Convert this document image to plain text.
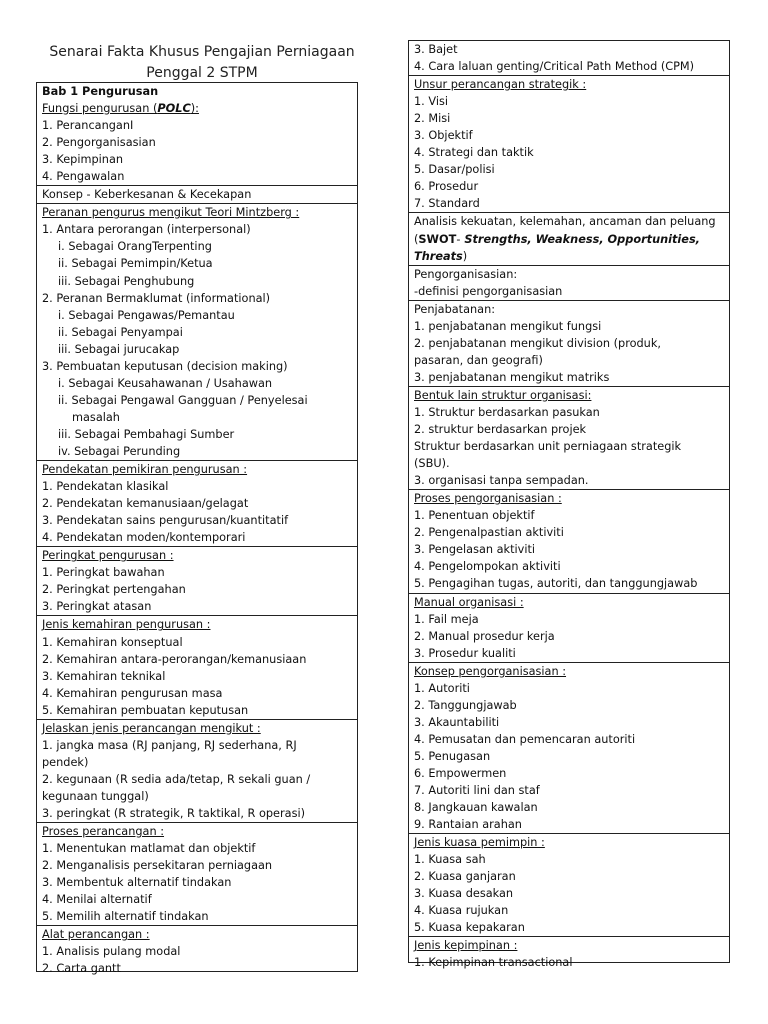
Senarai Fakta Khusus Pengajian Perniagaan
Penggal 2 STPM
Bab 1 Pengurusan
Fungsi pengurusan (POLC):
1. PerancanganI
2. Pengorganisasian
3. Kepimpinan
4. Pengawalan
Konsep - Keberkesanan & Kecekapan
Peranan pengurus mengikut Teori Mintzberg :
1. Antara perorangan (interpersonal)
i. Sebagai OrangTerpenting
ii. Sebagai Pemimpin/Ketua
iii. Sebagai Penghubung
2. Peranan Bermaklumat (informational)
i. Sebagai Pengawas/Pemantau
ii. Sebagai Penyampai
iii. Sebagai jurucakap
3. Pembuatan keputusan (decision making)
i. Sebagai Keusahawanan / Usahawan
ii. Sebagai Pengawal Gangguan / Penyelesai
masalah
iii. Sebagai Pembahagi Sumber
iv. Sebagai Perunding
Pendekatan pemikiran pengurusan :
1. Pendekatan klasikal
2. Pendekatan kemanusiaan/gelagat
3. Pendekatan sains pengurusan/kuantitatif
4. Pendekatan moden/kontemporari
Peringkat pengurusan :
1. Peringkat bawahan
2. Peringkat pertengahan
3. Peringkat atasan
Jenis kemahiran pengurusan :
1. Kemahiran konseptual
2. Kemahiran antara-perorangan/kemanusiaan
3. Kemahiran teknikal
4. Kemahiran pengurusan masa
5. Kemahiran pembuatan keputusan
Jelaskan jenis perancangan mengikut :
1. jangka masa (RJ panjang, RJ sederhana, RJ
pendek)
2. kegunaan (R sedia ada/tetap, R sekali guan /
kegunaan tunggal)
3. peringkat (R strategik, R taktikal, R operasi)
Proses perancangan :
1. Menentukan matlamat dan objektif
2. Menganalisis persekitaran perniagaan
3. Membentuk alternatif tindakan
4. Menilai alternatif
5. Memilih alternatif tindakan
Alat perancangan :
1. Analisis pulang modal
2. Carta gantt
3. Bajet
4. Cara laluan genting/Critical Path Method (CPM)
Unsur perancangan strategik :
1. Visi
2. Misi
3. Objektif
4. Strategi dan taktik
5. Dasar/polisi
6. Prosedur
7. Standard
Analisis kekuatan, kelemahan, ancaman dan peluang
(SWOT- Strengths, Weakness, Opportunities,
Threats)
Pengorganisasian:
-definisi pengorganisasian
Penjabatanan:
1. penjabatanan mengikut fungsi
2. penjabatanan mengikut division (produk,
pasaran, dan geografi)
3. penjabatanan mengikut matriks
Bentuk lain struktur organisasi:
1. Struktur berdasarkan pasukan
2. struktur berdasarkan projek
Struktur berdasarkan unit perniagaan strategik
(SBU).
3. organisasi tanpa sempadan.
Proses pengorganisasian :
1. Penentuan objektif
2. Pengenalpastian aktiviti
3. Pengelasan aktiviti
4. Pengelompokan aktiviti
5. Pengagihan tugas, autoriti, dan tanggungjawab
Manual organisasi :
1. Fail meja
2. Manual prosedur kerja
3. Prosedur kualiti
Konsep pengorganisasian :
1. Autoriti
2. Tanggungjawab
3. Akauntabiliti
4. Pemusatan dan pemencaran autoriti
5. Penugasan
6. Empowermen
7. Autoriti lini dan staf
8. Jangkauan kawalan
9. Rantaian arahan
Jenis kuasa pemimpin :
1. Kuasa sah
2. Kuasa ganjaran
3. Kuasa desakan
4. Kuasa rujukan
5. Kuasa kepakaran
Jenis kepimpinan :
1. Kepimpinan transactional
